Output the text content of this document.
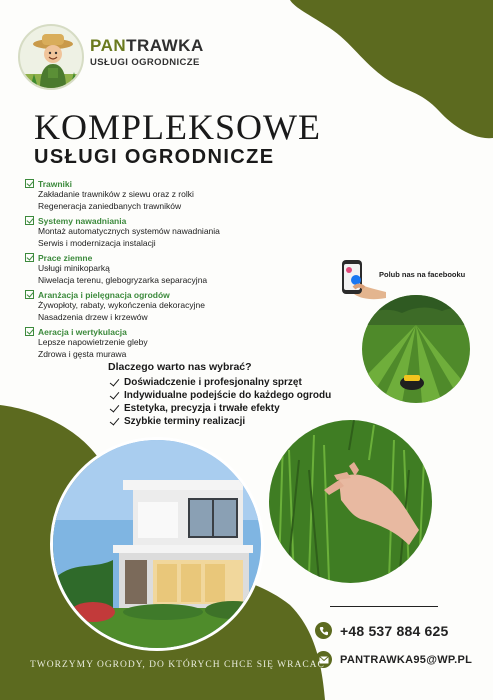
PANTRAWKA
USŁUGI OGRODNICZE
KOMPLEKSOWE
USŁUGI OGRODNICZE
Trawniki
Zakładanie trawników z siewu oraz z rolki
Regeneracja zaniedbanych trawników
Systemy nawadniania
Montaż automatycznych systemów nawadniania
Serwis i modernizacja instalacji
Prace ziemne
Usługi minikoparką
Niwelacja terenu, glebogryzarka separacyjna
Aranżacja i pielęgnacja ogrodów
Żywopłoty, rabaty, wykończenia dekoracyjne
Nasadzenia drzew i krzewów
Aeracja i wertykulacja
Lepsze napowietrzenie gleby
Zdrowa i gęsta murawa
Polub nas na facebooku
Dlaczego warto nas wybrać?
Doświadczenie i profesjonalny sprzęt
Indywidualne podejście do każdego ogrodu
Estetyka, precyzja i trwałe efekty
Szybkie terminy realizacji
+48 537 884 625
PANTRAWKA95@WP.PL
TWORZYMY OGRODY, DO KTÓRYCH CHCE SIĘ WRACAĆ
